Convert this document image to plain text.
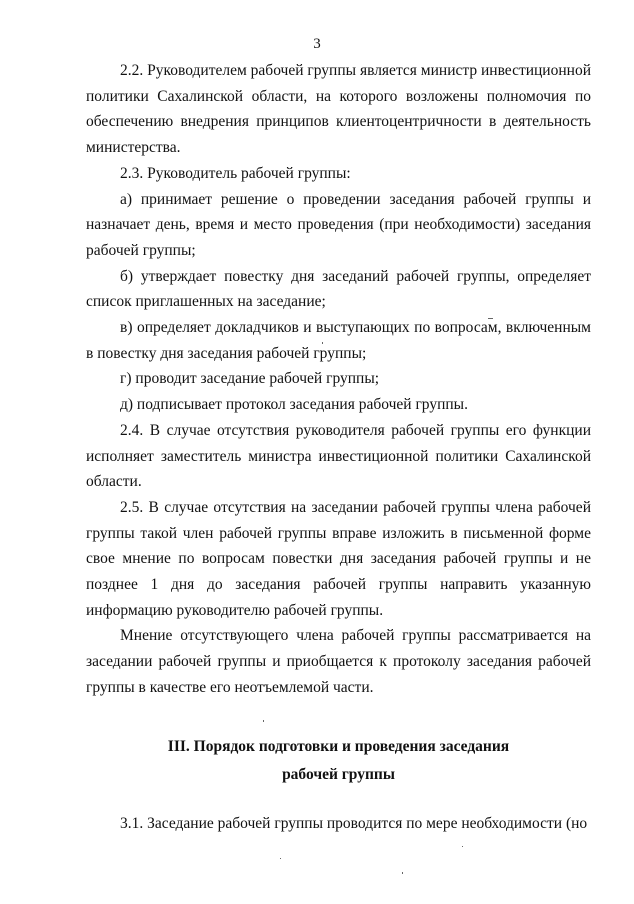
3

2.2. Руководителем рабочей группы является министр инвестиционной политики Сахалинской области, на которого возложены полномочия по обеспечению внедрения принципов клиентоцентричности в деятельность министерства.

2.3. Руководитель рабочей группы:

а) принимает решение о проведении заседания рабочей группы и назначает день, время и место проведения (при необходимости) заседания рабочей группы;

б) утверждает повестку дня заседаний рабочей группы, определяет список приглашенных на заседание;

в) определяет докладчиков и выступающих по вопросам, включенным в повестку дня заседания рабочей группы;

г) проводит заседание рабочей группы;

д) подписывает протокол заседания рабочей группы.

2.4. В случае отсутствия руководителя рабочей группы его функции исполняет заместитель министра инвестиционной политики Сахалинской области.

2.5. В случае отсутствия на заседании рабочей группы члена рабочей группы такой член рабочей группы вправе изложить в письменной форме свое мнение по вопросам повестки дня заседания рабочей группы и не позднее 1 дня до заседания рабочей группы направить указанную информацию руководителю рабочей группы.

Мнение отсутствующего члена рабочей группы рассматривается на заседании рабочей группы и приобщается к протоколу заседания рабочей группы в качестве его неотъемлемой части.

III. Порядок подготовки и проведения заседания
рабочей группы

3.1. Заседание рабочей группы проводится по мере необходимости (но
